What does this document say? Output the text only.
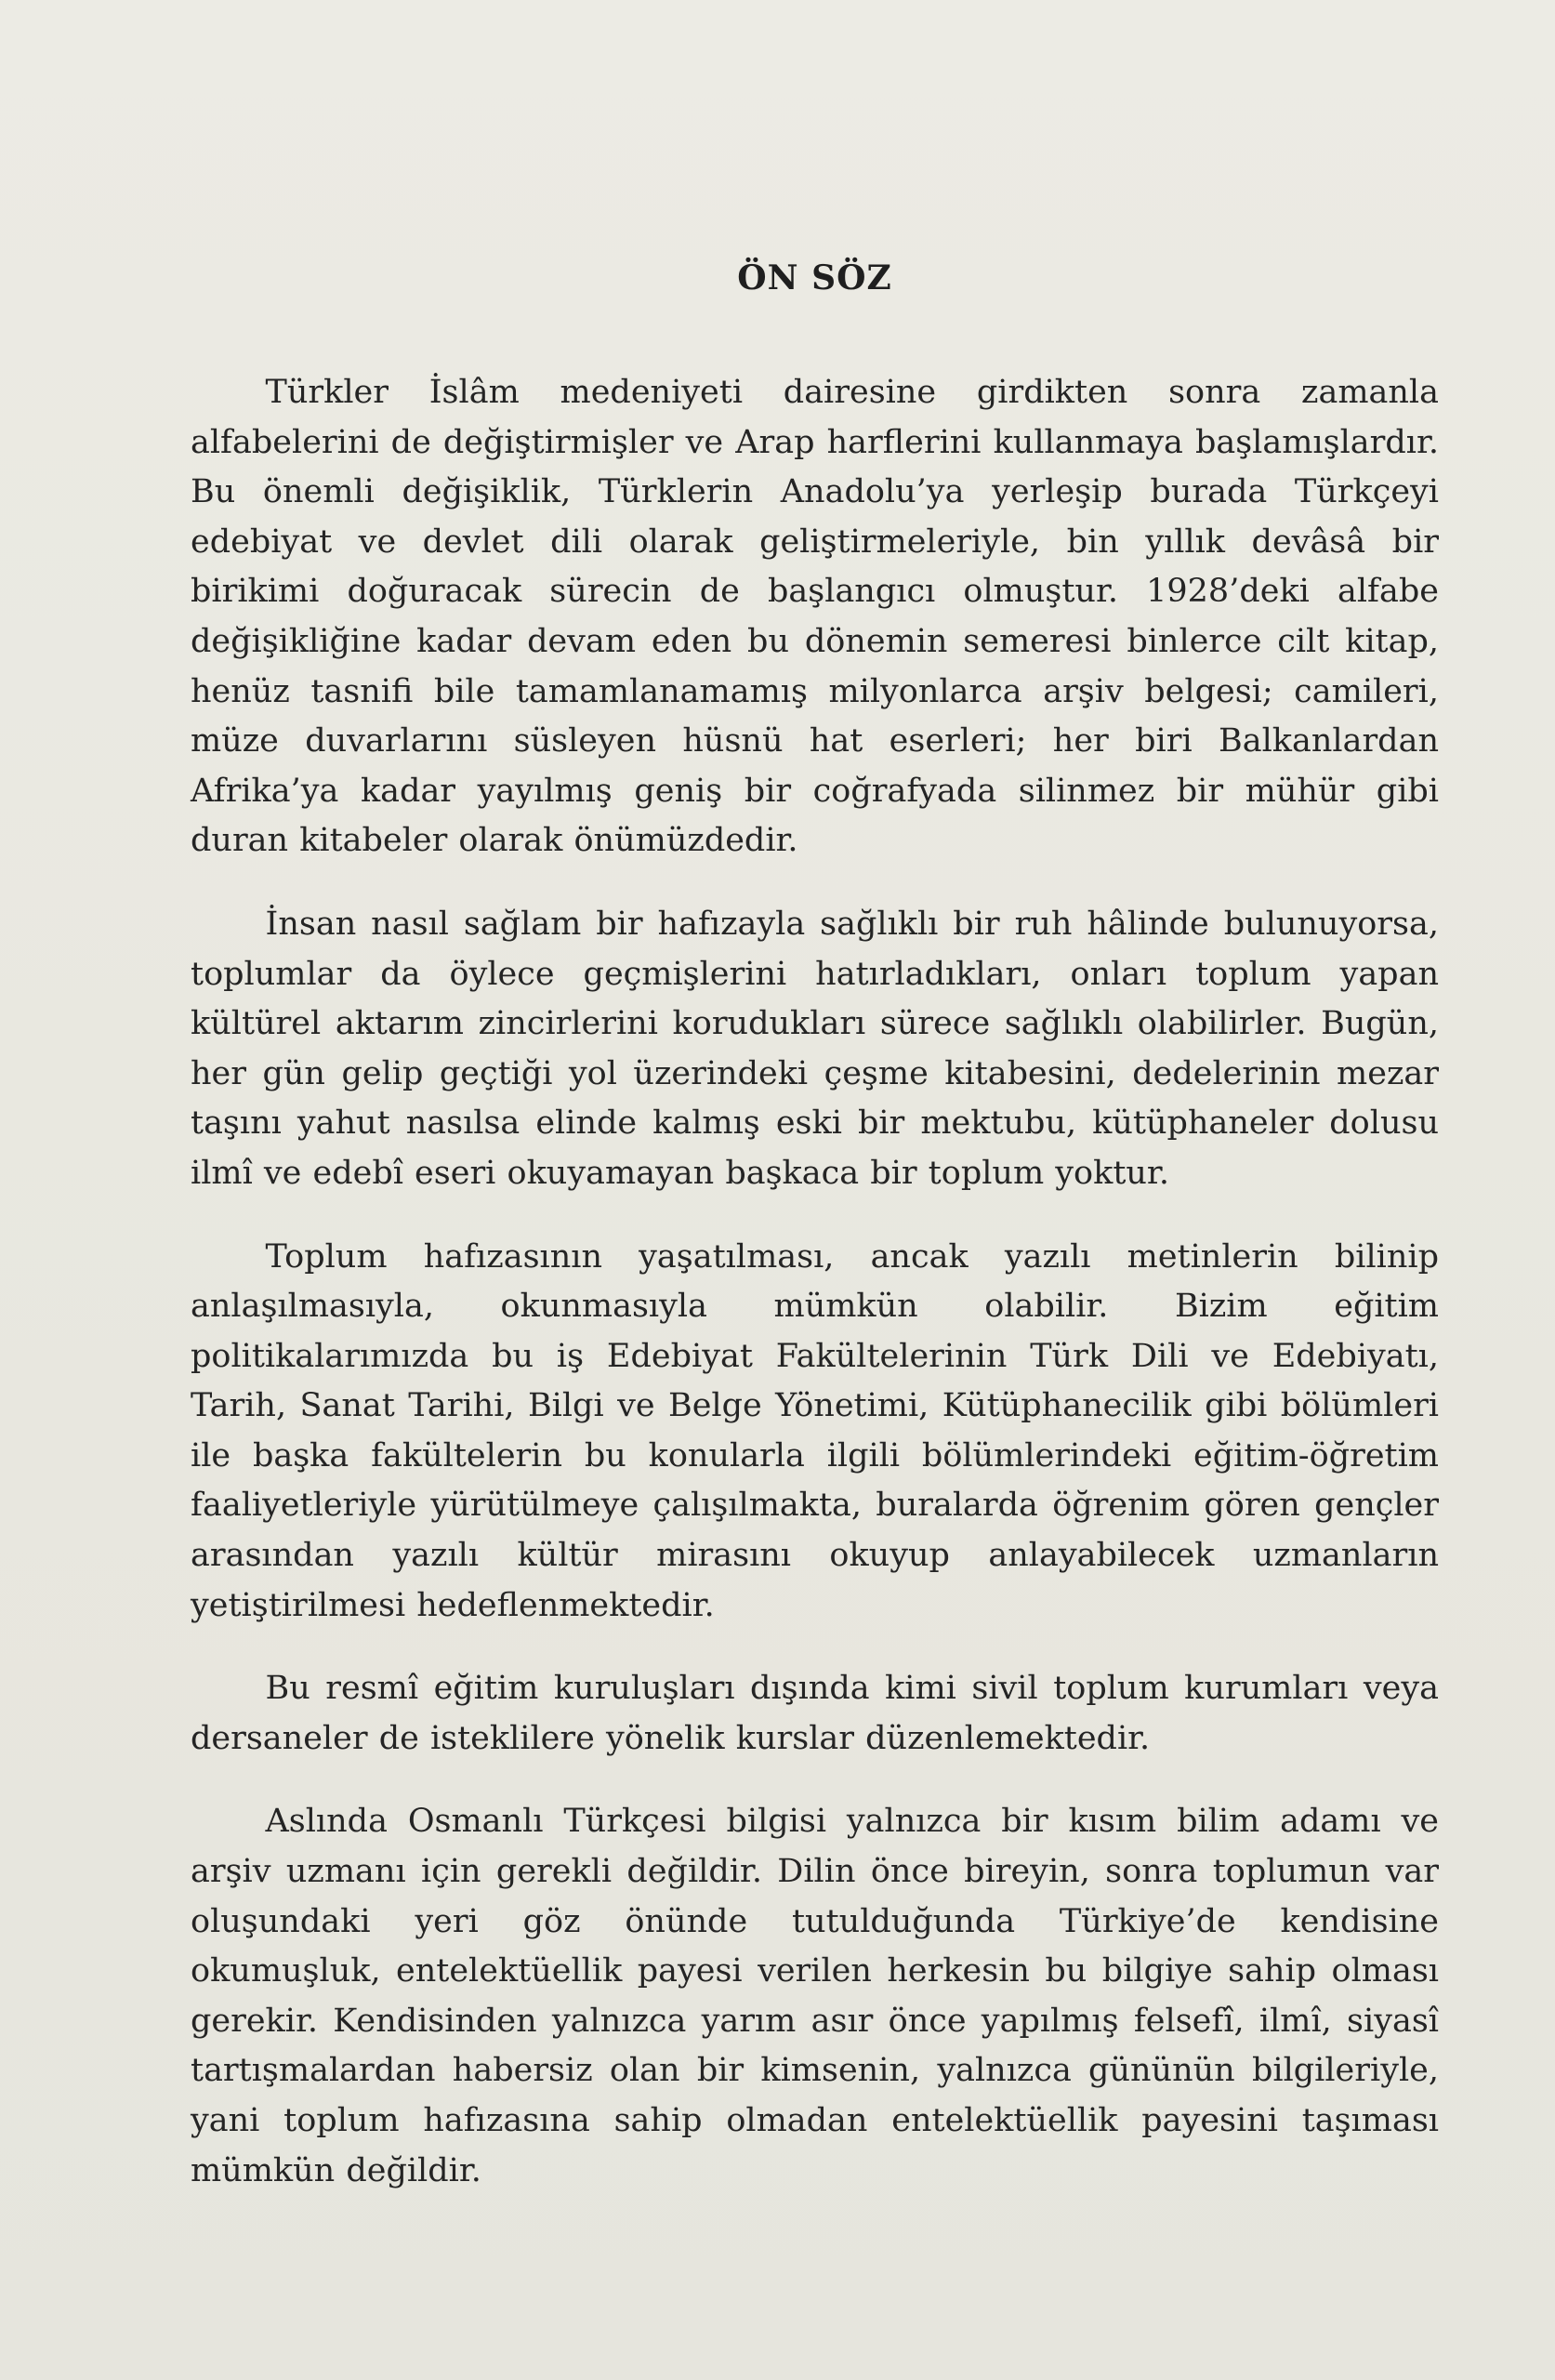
ÖN SÖZ

Türkler İslâm medeniyeti dairesine girdikten sonra zamanla alfabelerini de değiştirmişler ve Arap harflerini kullanmaya başlamışlardır. Bu önemli değişiklik, Türklerin Anadolu’ya yerleşip burada Türkçeyi edebiyat ve devlet dili olarak geliştirmeleriyle, bin yıllık devâsâ bir birikimi doğuracak sürecin de başlangıcı olmuştur. 1928’deki alfabe değişikliğine kadar devam eden bu dönemin semeresi binlerce cilt kitap, henüz tasnifi bile tamamlanamamış milyonlarca arşiv belgesi; camileri, müze duvarlarını süsleyen hüsnü hat eserleri; her biri Balkanlardan Afrika’ya kadar yayılmış geniş bir coğrafyada silinmez bir mühür gibi duran kitabeler olarak önümüzdedir.

İnsan nasıl sağlam bir hafızayla sağlıklı bir ruh hâlinde bulunuyorsa, toplumlar da öylece geçmişlerini hatırladıkları, onları toplum yapan kültürel aktarım zincirlerini korudukları sürece sağlıklı olabilirler. Bugün, her gün gelip geçtiği yol üzerindeki çeşme kitabesini, dedelerinin mezar taşını yahut nasılsa elinde kalmış eski bir mektubu, kütüphaneler dolusu ilmî ve edebî eseri okuyamayan başkaca bir toplum yoktur.

Toplum hafızasının yaşatılması, ancak yazılı metinlerin bilinip anlaşılmasıyla, okunmasıyla mümkün olabilir. Bizim eğitim politikalarımızda bu iş Edebiyat Fakültelerinin Türk Dili ve Edebiyatı, Tarih, Sanat Tarihi, Bilgi ve Belge Yönetimi, Kütüphanecilik gibi bölümleri ile başka fakültelerin bu konularla ilgili bölümlerindeki eğitim-öğretim faaliyetleriyle yürütülmeye çalışılmakta, buralarda öğrenim gören gençler arasından yazılı kültür mirasını okuyup anlayabilecek uzmanların yetiştirilmesi hedeflenmektedir.

Bu resmî eğitim kuruluşları dışında kimi sivil toplum kurumları veya dersaneler de isteklilere yönelik kurslar düzenlemektedir.

Aslında Osmanlı Türkçesi bilgisi yalnızca bir kısım bilim adamı ve arşiv uzmanı için gerekli değildir. Dilin önce bireyin, sonra toplumun var oluşundaki yeri göz önünde tutulduğunda Türkiye’de kendisine okumuşluk, entelektüellik payesi verilen herkesin bu bilgiye sahip olması gerekir. Kendisinden yalnızca yarım asır önce yapılmış felsefî, ilmî, siyasî tartışmalardan habersiz olan bir kimsenin, yalnızca gününün bilgileriyle, yani toplum hafızasına sahip olmadan entelektüellik payesini taşıması mümkün değildir.
